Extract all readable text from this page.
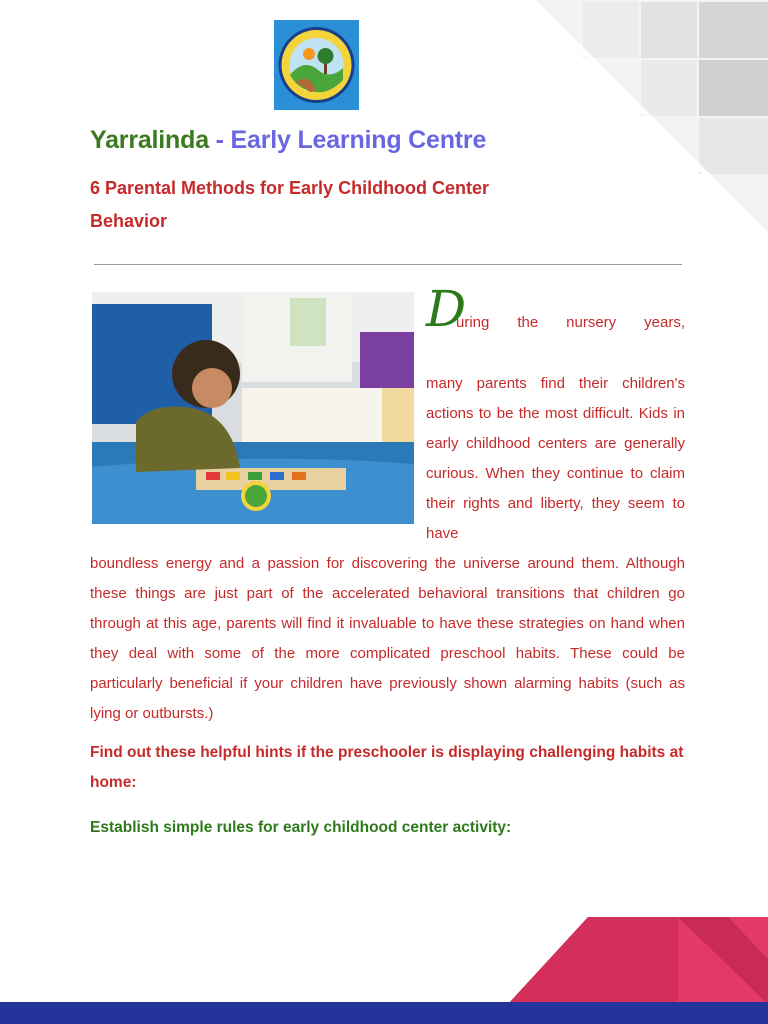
Yarralinda - Early Learning Centre
6 Parental Methods for Early Childhood Center Behavior
D
uring the nursery years,
many parents find their children's actions to be the most difficult. Kids in early childhood centers are generally curious. When they continue to claim their rights and liberty, they seem to have
boundless energy and a passion for discovering the universe around them. Although these things are just part of the accelerated behavioral transitions that children go through at this age, parents will find it invaluable to have these strategies on hand when they deal with some of the more complicated preschool habits. These could be particularly beneficial if your children have previously shown alarming habits (such as lying or outbursts.)
Find out these helpful hints if the preschooler is displaying challenging habits at home:
Establish simple rules for early childhood center activity:
